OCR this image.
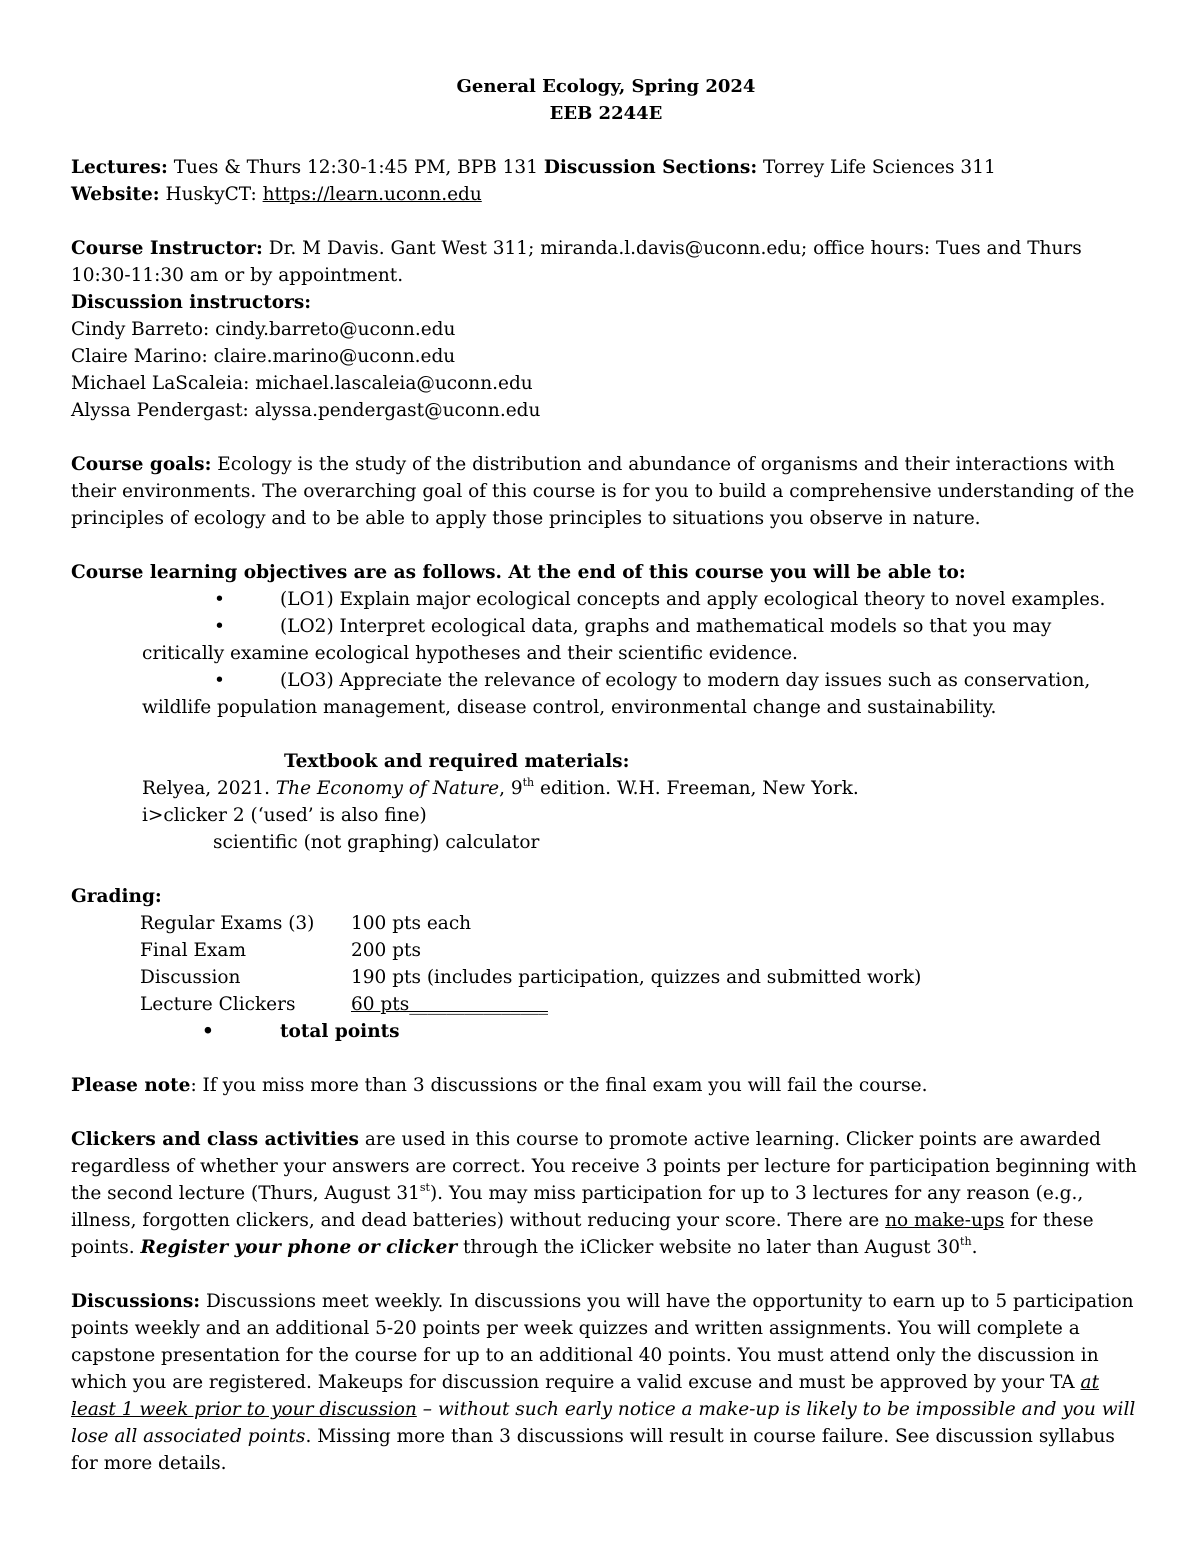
General Ecology, Spring 2024
EEB 2244E

Lectures: Tues & Thurs 12:30-1:45 PM, BPB 131 Discussion Sections: Torrey Life Sciences 311

Website: HuskyCT: https://learn.uconn.edu

Course Instructor: Dr. M Davis. Gant West 311; miranda.l.davis@uconn.edu; office hours: Tues and Thurs 10:30-11:30 am or by appointment.

Discussion instructors:

Cindy Barreto: cindy.barreto@uconn.edu

Claire Marino: claire.marino@uconn.edu

Michael LaScaleia: michael.lascaleia@uconn.edu

Alyssa Pendergast: alyssa.pendergast@uconn.edu

Course goals: Ecology is the study of the distribution and abundance of organisms and their interactions with their environments. The overarching goal of this course is for you to build a comprehensive understanding of the principles of ecology and to be able to apply those principles to situations you observe in nature.

Course learning objectives are as follows. At the end of this course you will be able to:

•	(LO1) Explain major ecological concepts and apply ecological theory to novel examples.
•	(LO2) Interpret ecological data, graphs and mathematical models so that you may

critically examine ecological hypotheses and their scientific evidence.

•	(LO3) Appreciate the relevance of ecology to modern day issues such as conservation,

wildlife population management, disease control, environmental change and sustainability.

Textbook and required materials:

Relyea, 2021. The Economy of Nature, 9th edition. W.H. Freeman, New York.

i>clicker 2 (‘used’ is also fine)

scientific (not graphing) calculator

Grading:

Regular Exams (3)	100 pts each
Final Exam	200 pts
Discussion	190 pts (includes participation, quizzes and submitted work)
Lecture Clickers	60 pts___________ ____
•	total points

Please note: If you miss more than 3 discussions or the final exam you will fail the course.

Clickers and class activities are used in this course to promote active learning. Clicker points are awarded regardless of whether your answers are correct. You receive 3 points per lecture for participation beginning with the second lecture (Thurs, August 31st). You may miss participation for up to 3 lectures for any reason (e.g., illness, forgotten clickers, and dead batteries) without reducing your score. There are no make-ups for these points. Register your phone or clicker through the iClicker website no later than August 30th.

Discussions: Discussions meet weekly. In discussions you will have the opportunity to earn up to 5 participation points weekly and an additional 5-20 points per week quizzes and written assignments. You will complete a capstone presentation for the course for up to an additional 40 points. You must attend only the discussion in which you are registered. Makeups for discussion require a valid excuse and must be approved by your TA at least 1 week prior to your discussion – without such early notice a make-up is likely to be impossible and you will lose all associated points. Missing more than 3 discussions will result in course failure. See discussion syllabus for more details.
